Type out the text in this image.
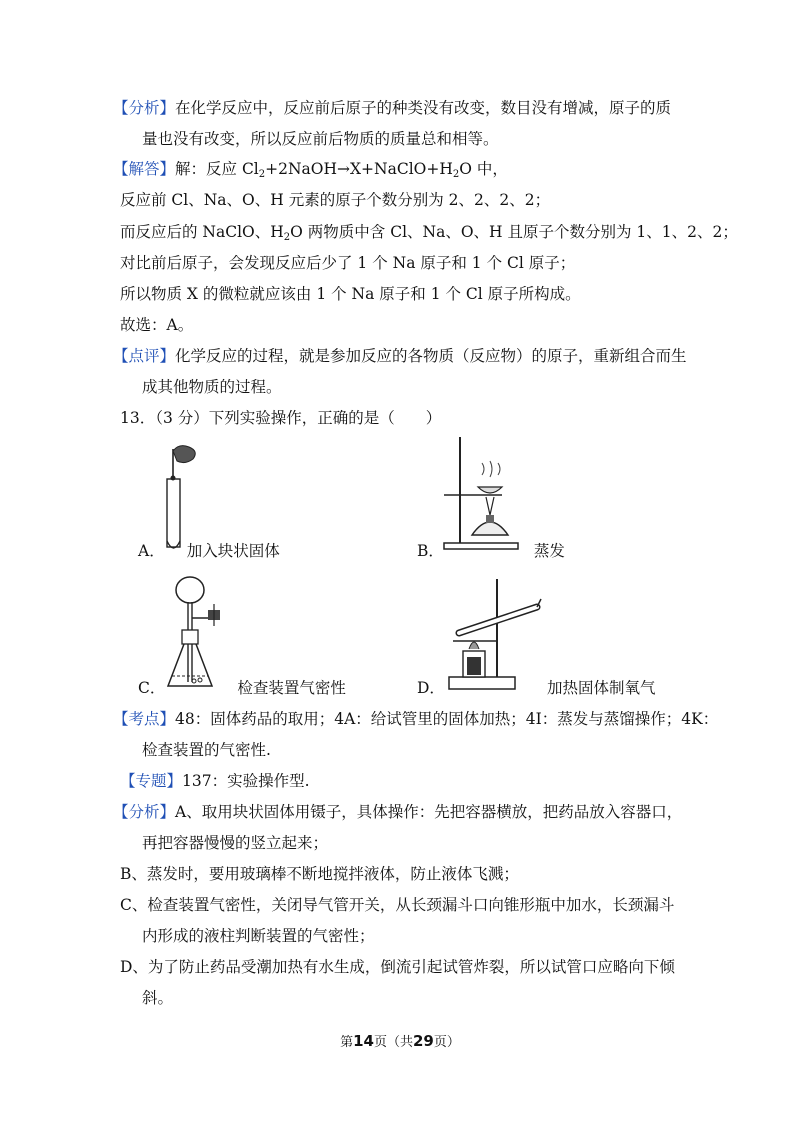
【分析】在化学反应中，反应前后原子的种类没有改变，数目没有增减，原子的质
量也没有改变，所以反应前后物质的质量总和相等。
【解答】解：反应 $Cl_2+2NaOH\to X+NaClO+H_2O$ 中，
反应前 Cl、Na、O、H 元素的原子个数分别为 2、2、2、2；
而反应后的 NaClO、$H_2O$ 两物质中含 Cl、Na、O、H 且原子个数分别为 1、1、2、2；
对比前后原子，会发现反应后少了 1 个 Na 原子和 1 个 Cl 原子；
所以物质 X 的微粒就应该由 1 个 Na 原子和 1 个 Cl 原子所构成。
故选：A。
【点评】化学反应的过程，就是参加反应的各物质（反应物）的原子，重新组合而生
成其他物质的过程。
13．（3 分）下列实验操作，正确的是（　　）
A． 加入块状固体	B．	蒸发
C．	检查装置气密性	D．	加热固体制氧气
【考点】48：固体药品的取用；4A：给试管里的固体加热；4I：蒸发与蒸馏操作；4K：
检查装置的气密性.
【专题】137：实验操作型.
【分析】A、取用块状固体用镊子，具体操作：先把容器横放，把药品放入容器口，
再把容器慢慢的竖立起来；
B、蒸发时，要用玻璃棒不断地搅拌液体，防止液体飞溅；
C、检查装置气密性，关闭导气管开关，从长颈漏斗口向锥形瓶中加水，长颈漏斗
内形成的液柱判断装置的气密性；
D、为了防止药品受潮加热有水生成，倒流引起试管炸裂，所以试管口应略向下倾
斜。
第14页（共29页）
